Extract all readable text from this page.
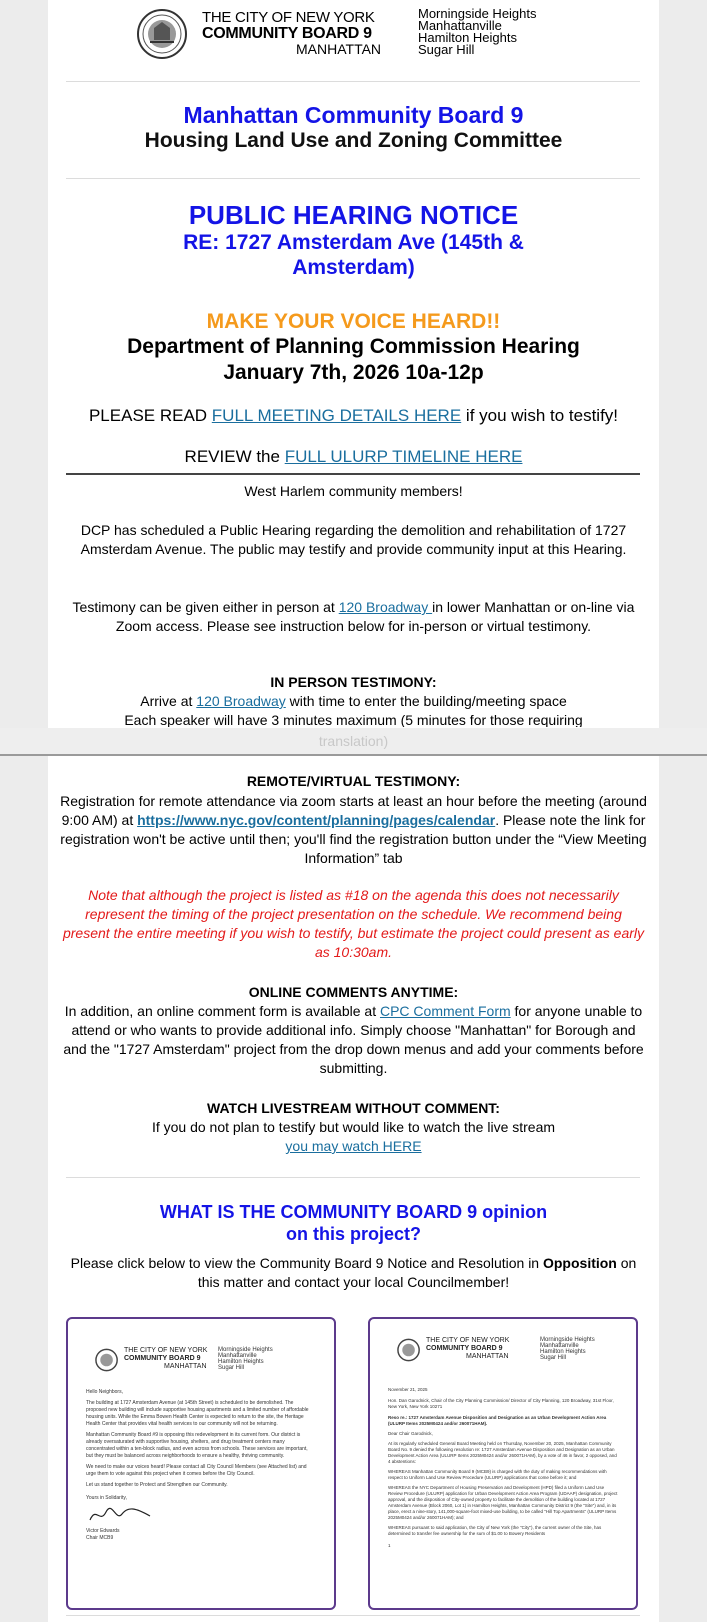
THE CITY OF NEW YORK
COMMUNITY BOARD 9
MANHATTAN
Morningside Heights
Manhattanville
Hamilton Heights
Sugar Hill
Manhattan Community Board 9
Housing Land Use and Zoning Committee
PUBLIC HEARING NOTICE
RE: 1727 Amsterdam Ave (145th &
Amsterdam)
MAKE YOUR VOICE HEARD!!
Department of Planning Commission Hearing
January 7th, 2026 10a-12p
PLEASE READ FULL MEETING DETAILS HERE if you wish to testify!
REVIEW the FULL ULURP TIMELINE HERE
West Harlem community members!
DCP has scheduled a Public Hearing regarding the demolition and rehabilitation of 1727 Amsterdam Avenue. The public may testify and provide community input at this Hearing.
Testimony can be given either in person at 120 Broadway in lower Manhattan or on-line via Zoom access. Please see instruction below for in-person or virtual testimony.
IN PERSON TESTIMONY:
Arrive at 120 Broadway with time to enter the building/meeting space
Each speaker will have 3 minutes maximum (5 minutes for those requiring
translation)
REMOTE/VIRTUAL TESTIMONY:
Registration for remote attendance via zoom starts at least an hour before the meeting (around 9:00 AM) at https://www.nyc.gov/content/planning/pages/calendar. Please note the link for registration won't be active until then; you'll find the registration button under the “View Meeting Information” tab
Note that although the project is listed as #18 on the agenda this does not necessarily represent the timing of the project presentation on the schedule. We recommend being present the entire meeting if you wish to testify, but estimate the project could present as early as 10:30am.
ONLINE COMMENTS ANYTIME:
In addition, an online comment form is available at CPC Comment Form for anyone unable to attend or who wants to provide additional info. Simply choose "Manhattan" for Borough and and the "1727 Amsterdam" project from the drop down menus and add your comments before submitting.
WATCH LIVESTREAM WITHOUT COMMENT:
If you do not plan to testify but would like to watch the live stream
you may watch HERE
WHAT IS THE COMMUNITY BOARD 9 opinion
on this project?
Please click below to view the Community Board 9 Notice and Resolution in Opposition on this matter and contact your local Councilmember!
THE CITY OF NEW YORK
COMMUNITY BOARD 9
MANHATTAN
Morningside Heights
Manhattanville
Hamilton Heights
Sugar Hill
Hello Neighbors,
The building at 1727 Amsterdam Avenue (at 145th Street) is scheduled to be demolished. The proposed new building will include supportive housing apartments and a limited number of affordable housing units. While the Emma Bowen Health Center is expected to return to the site, the Heritage Health Center that provides vital health services to our community will not be returning.
Manhattan Community Board #9 is opposing this redevelopment in its current form. Our district is already oversaturated with supportive housing, shelters, and drug treatment centers many concentrated within a ten-block radius, and even across from schools. These services are important, but they must be balanced across neighborhoods to ensure a healthy, thriving community.
We need to make our voices heard! Please contact all City Council Members (see Attached list) and urge them to vote against this project when it comes before the City Council.
Let us stand together to Protect and Strengthen our Community.
Yours in Solidarity,
Victor Edwards
Chair MCB9
THE CITY OF NEW YORK
COMMUNITY BOARD 9
MANHATTAN
Morningside Heights
Manhattanville
Hamilton Heights
Sugar Hill
November 21, 2025
Hon. Dan Garodnick, Chair of the City Planning Commission/ Director of City Planning, 120 Broadway, 31st Floor, New York, New York 10271
Reso re.: 1727 Amsterdam Avenue Disposition and Designation as an Urban Development Action Area (ULURP Items 2025M0424 and/or 260071HAM).
Dear Chair Garodnick,
At its regularly scheduled General Board Meeting held on Thursday, November 20, 2025, Manhattan Community Board No. 9 denied the following resolution re: 1727 Amsterdam Avenue Disposition and Designation as an Urban Development Action Area (ULURP Items 2025M0424 and/or 260071HAM), by a vote of 46 in favor, 2 opposed, and 4 abstentions:
WHEREAS Manhattan Community Board 9 (MCB9) is charged with the duty of making recommendations with respect to Uniform Land Use Review Procedure (ULURP) applications that come before it; and
WHEREAS the NYC Department of Housing Preservation and Development (HPD) filed a Uniform Land Use Review Procedure (ULURP) application for Urban Development Action Area Program (UDAAP) designation, project approval, and the disposition of City-owned property to facilitate the demolition of the building located at 1727 Amsterdam Avenue (Block 2060, Lot 1) in Hamilton Heights, Manhattan Community District 9 (the "Site") and, in its place, erect a nine-story, 141,000-square-foot mixed-use building, to be called "Hill Top Apartments" (ULURP Items 2025M0424 and/or 260071HAM); and
WHEREAS pursuant to said application, the City of New York (the "City"), the current owner of the Site, has determined to transfer fee ownership for the sum of $1.00 to Bowery Residents
1
